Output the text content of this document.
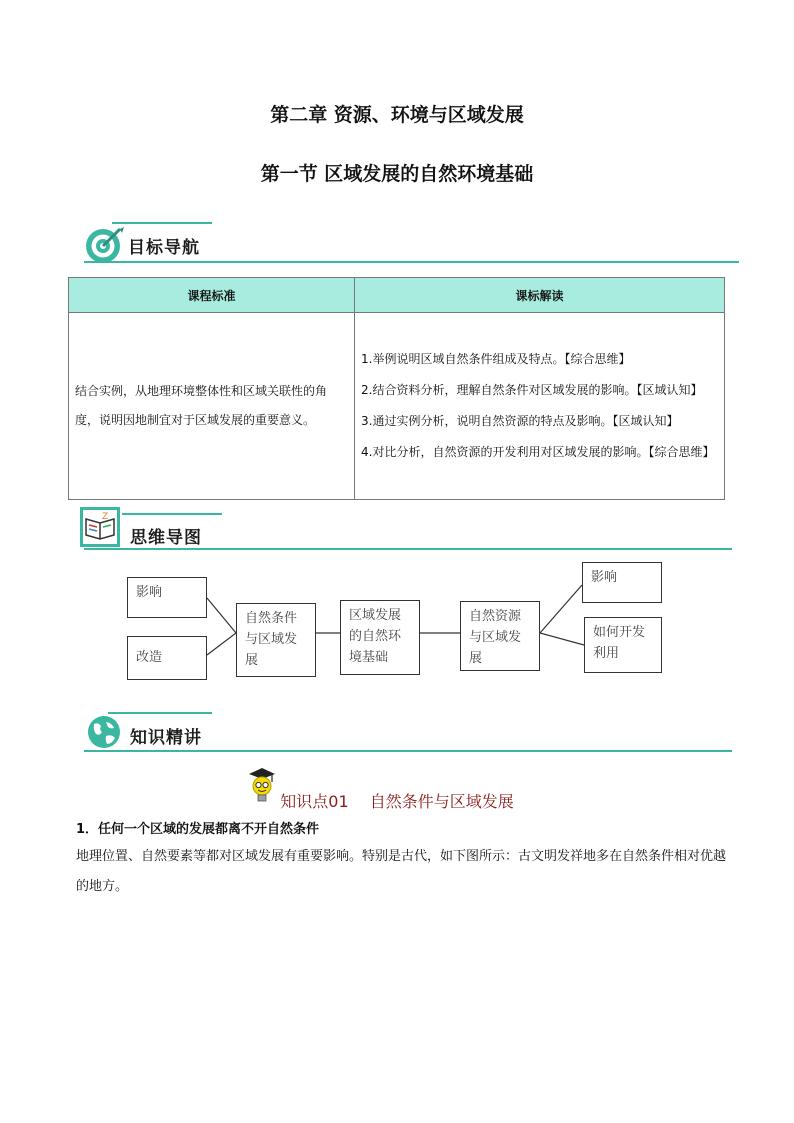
第二章 资源、环境与区域发展
第一节 区域发展的自然环境基础
目标导航
课程标准	课标解读
结合实例，从地理环境整体性和区域关联性的角度，说明因地制宜对于区域发展的重要意义。	1.举例说明区域自然条件组成及特点。【综合思维】
2.结合资料分析，理解自然条件对区域发展的影响。【区域认知】
3.通过实例分析，说明自然资源的特点及影响。【区域认知】
4.对比分析，自然资源的开发利用对区域发展的影响。【综合思维】
Z
思维导图
影响
改造
自然条件与区域发展
区域发展的自然环境基础
自然资源与区域发展
影响
如何开发利用
知识精讲
知识点01　 自然条件与区域发展
1．任何一个区域的发展都离不开自然条件
地理位置、自然要素等都对区域发展有重要影响。特别是古代，如下图所示：古文明发祥地多在自然条件相对优越的地方。
